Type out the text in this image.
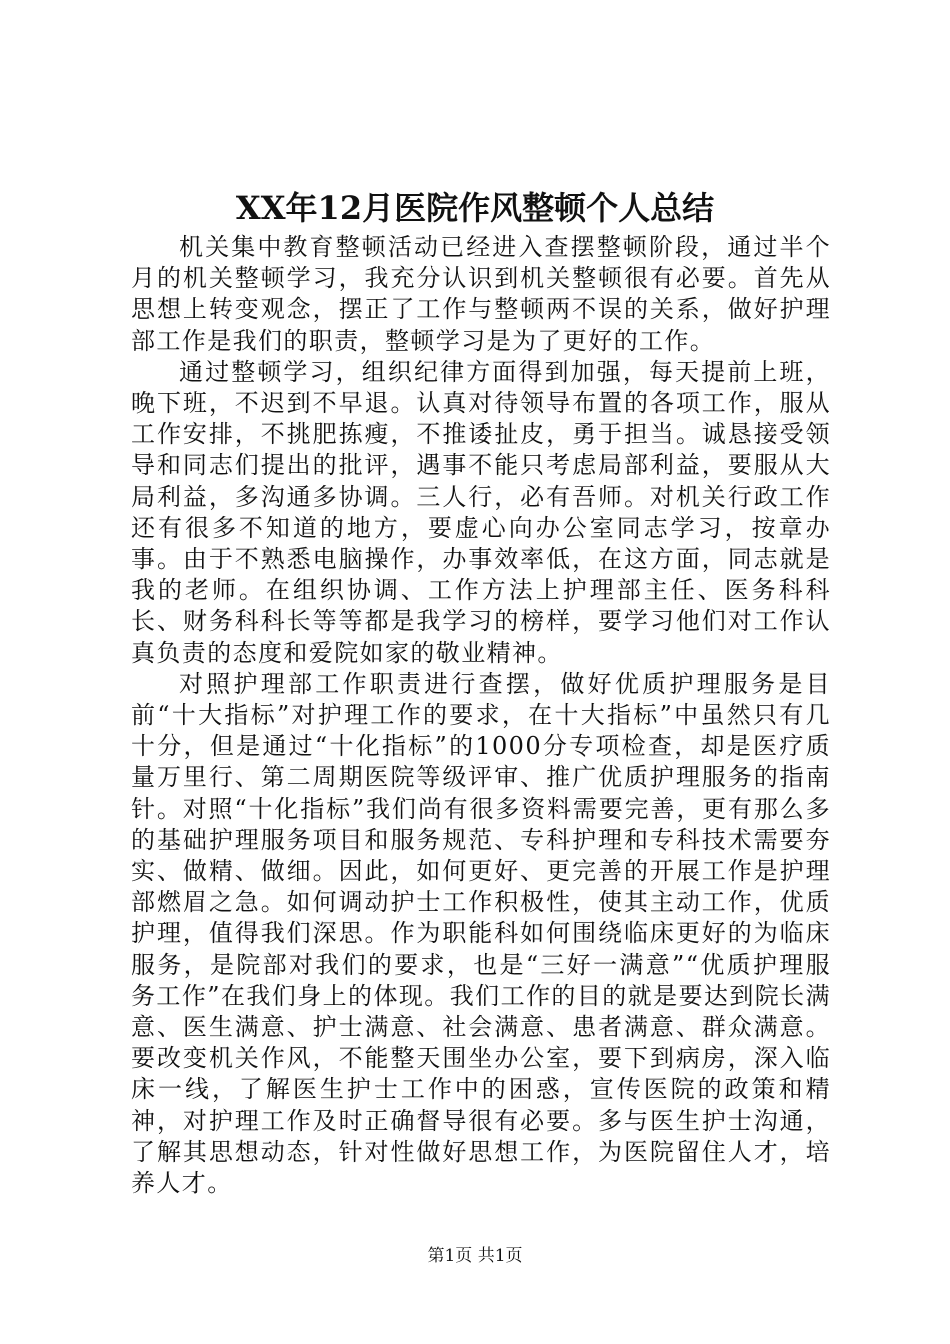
XX年12月医院作风整顿个人总结

机关集中教育整顿活动已经进入查摆整顿阶段，通过半个月的机关整顿学习，我充分认识到机关整顿很有必要。首先从思想上转变观念，摆正了工作与整顿两不误的关系，做好护理部工作是我们的职责，整顿学习是为了更好的工作。

通过整顿学习，组织纪律方面得到加强，每天提前上班，晚下班，不迟到不早退。认真对待领导布置的各项工作，服从工作安排，不挑肥拣瘦，不推诿扯皮，勇于担当。诚恳接受领导和同志们提出的批评，遇事不能只考虑局部利益，要服从大局利益，多沟通多协调。三人行，必有吾师。对机关行政工作还有很多不知道的地方，要虚心向办公室同志学习，按章办事。由于不熟悉电脑操作，办事效率低，在这方面，同志就是我的老师。在组织协调、工作方法上护理部主任、医务科科长、财务科科长等等都是我学习的榜样，要学习他们对工作认真负责的态度和爱院如家的敬业精神。

对照护理部工作职责进行查摆，做好优质护理服务是目前“十大指标”对护理工作的要求，在十大指标”中虽然只有几十分，但是通过“十化指标”的1000分专项检查，却是医疗质量万里行、第二周期医院等级评审、推广优质护理服务的指南针。对照“十化指标”我们尚有很多资料需要完善，更有那么多的基础护理服务项目和服务规范、专科护理和专科技术需要夯实、做精、做细。因此，如何更好、更完善的开展工作是护理部燃眉之急。如何调动护士工作积极性，使其主动工作，优质护理，值得我们深思。作为职能科如何围绕临床更好的为临床服务，是院部对我们的要求，也是“三好一满意”“优质护理服务工作”在我们身上的体现。我们工作的目的就是要达到院长满意、医生满意、护士满意、社会满意、患者满意、群众满意。要改变机关作风，不能整天围坐办公室，要下到病房，深入临床一线，了解医生护士工作中的困惑，宣传医院的政策和精神，对护理工作及时正确督导很有必要。多与医生护士沟通，了解其思想动态，针对性做好思想工作，为医院留住人才，培养人才。

第1页 共1页
